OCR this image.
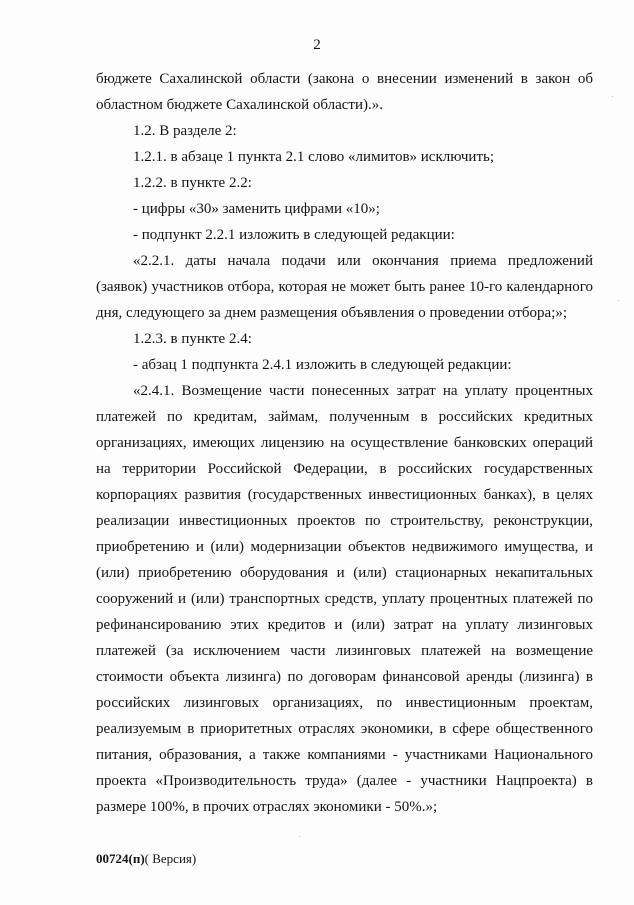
2

бюджете Сахалинской области (закона о внесении изменений в закон об областном бюджете Сахалинской области).».

1.2. В разделе 2:

1.2.1. в абзаце 1 пункта 2.1 слово «лимитов» исключить;

1.2.2. в пункте 2.2:

- цифры «30» заменить цифрами «10»;

- подпункт 2.2.1 изложить в следующей редакции:

«2.2.1. даты начала подачи или окончания приема предложений (заявок) участников отбора, которая не может быть ранее 10-го календарного дня, следующего за днем размещения объявления о проведении отбора;»;

1.2.3. в пункте 2.4:

- абзац 1 подпункта 2.4.1 изложить в следующей редакции:

«2.4.1. Возмещение части понесенных затрат на уплату процентных платежей по кредитам, займам, полученным в российских кредитных организациях, имеющих лицензию на осуществление банковских операций на территории Российской Федерации, в российских государственных корпорациях развития (государственных инвестиционных банках), в целях реализации инвестиционных проектов по строительству, реконструкции, приобретению и (или) модернизации объектов недвижимого имущества, и (или) приобретению оборудования и (или) стационарных некапитальных сооружений и (или) транспортных средств, уплату процентных платежей по рефинансированию этих кредитов и (или) затрат на уплату лизинговых платежей (за исключением части лизинговых платежей на возмещение стоимости объекта лизинга) по договорам финансовой аренды (лизинга) в российских лизинговых организациях, по инвестиционным проектам, реализуемым в приоритетных отраслях экономики, в сфере общественного питания, образования, а также компаниями - участниками Национального проекта «Производительность труда» (далее - участники Нацпроекта) в размере 100%, в прочих отраслях экономики - 50%.»;

00724(п)( Версия)
